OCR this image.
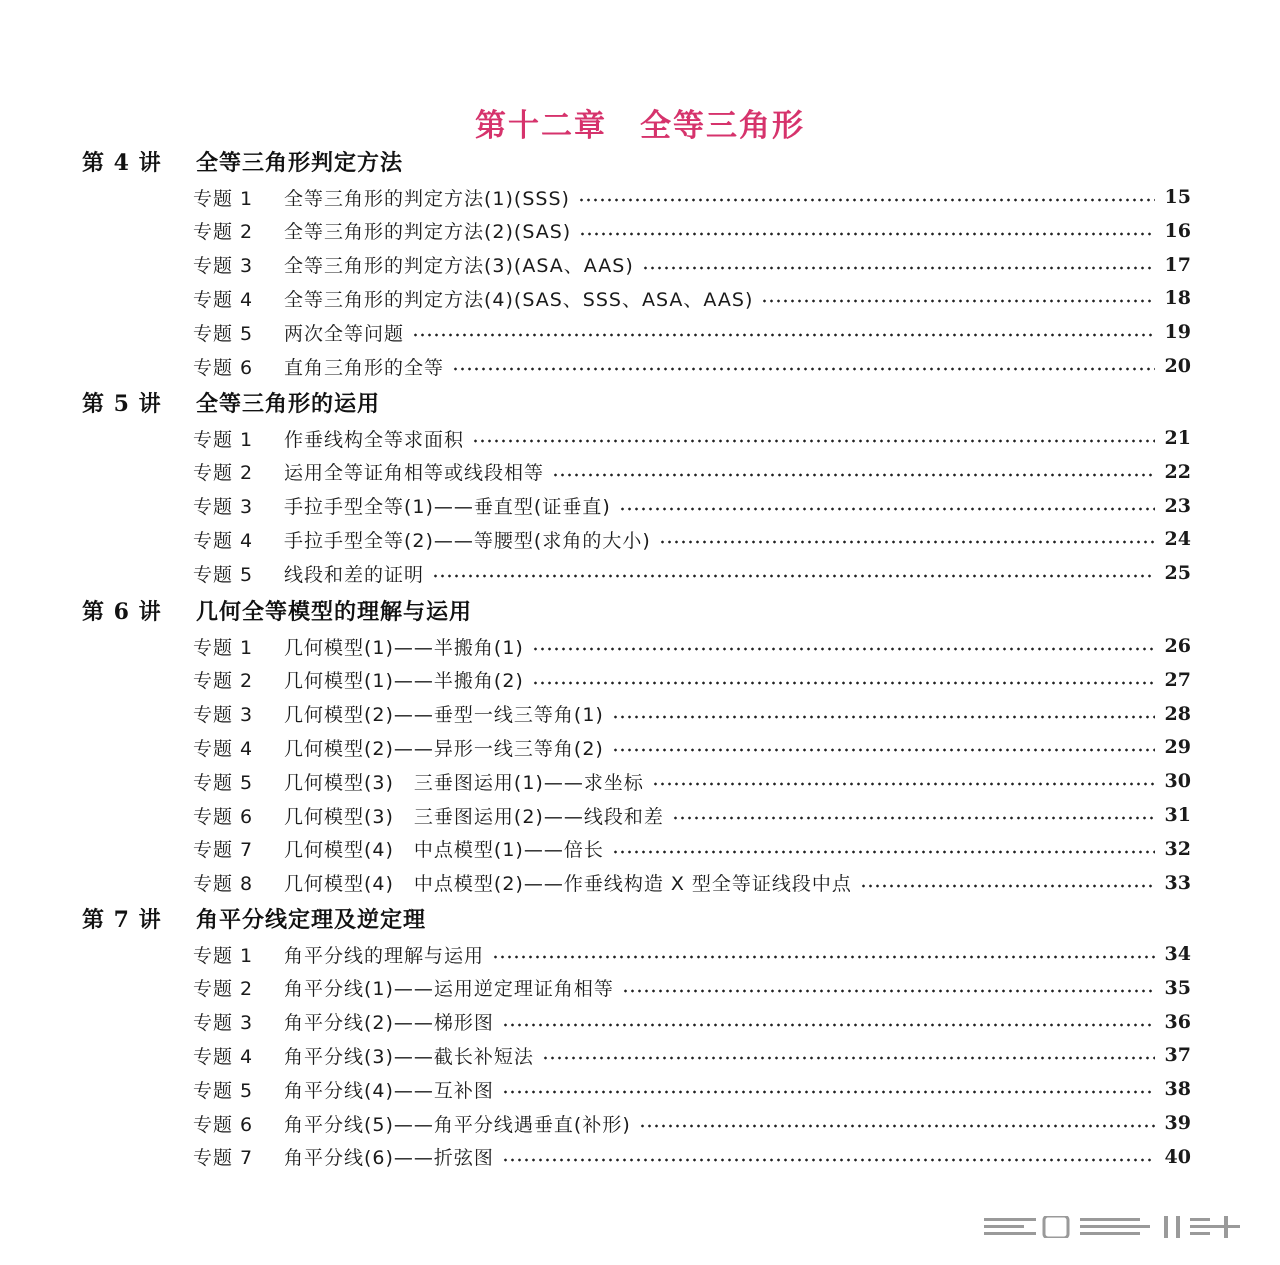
第十二章　全等三角形
第 4 讲	全等三角形判定方法
专题 1	全等三角形的判定方法(1)(SSS)	15
专题 2	全等三角形的判定方法(2)(SAS)	16
专题 3	全等三角形的判定方法(3)(ASA、AAS)	17
专题 4	全等三角形的判定方法(4)(SAS、SSS、ASA、AAS)	18
专题 5	两次全等问题	19
专题 6	直角三角形的全等	20
第 5 讲	全等三角形的运用
专题 1	作垂线构全等求面积	21
专题 2	运用全等证角相等或线段相等	22
专题 3	手拉手型全等(1)——垂直型(证垂直)	23
专题 4	手拉手型全等(2)——等腰型(求角的大小)	24
专题 5	线段和差的证明	25
第 6 讲	几何全等模型的理解与运用
专题 1	几何模型(1)——半搬角(1)	26
专题 2	几何模型(1)——半搬角(2)	27
专题 3	几何模型(2)——垂型一线三等角(1)	28
专题 4	几何模型(2)——异形一线三等角(2)	29
专题 5	几何模型(3)　三垂图运用(1)——求坐标	30
专题 6	几何模型(3)　三垂图运用(2)——线段和差	31
专题 7	几何模型(4)　中点模型(1)——倍长	32
专题 8	几何模型(4)　中点模型(2)——作垂线构造 X 型全等证线段中点	33
第 7 讲	角平分线定理及逆定理
专题 1	角平分线的理解与运用	34
专题 2	角平分线(1)——运用逆定理证角相等	35
专题 3	角平分线(2)——梯形图	36
专题 4	角平分线(3)——截长补短法	37
专题 5	角平分线(4)——互补图	38
专题 6	角平分线(5)——角平分线遇垂直(补形)	39
专题 7	角平分线(6)——折弦图	40
